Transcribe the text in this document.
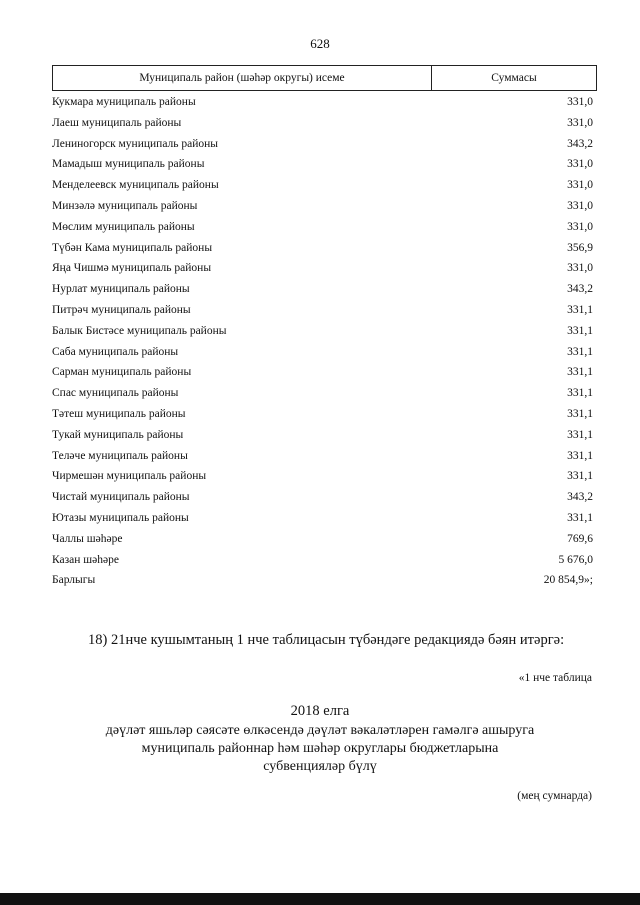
628
Муниципаль район (шәһәр округы) исеме	Суммасы
Кукмара муниципаль районы	331,0
Лаеш муниципаль районы	331,0
Лениногорск муниципаль районы	343,2
Мамадыш муниципаль районы	331,0
Менделеевск муниципаль районы	331,0
Минзәлә муниципаль районы	331,0
Мөслим муниципаль районы	331,0
Түбән Кама муниципаль районы	356,9
Яңа Чишмә муниципаль районы	331,0
Нурлат муниципаль районы	343,2
Питрәч муниципаль районы	331,1
Балык Бистәсе муниципаль районы	331,1
Саба муниципаль районы	331,1
Сарман муниципаль районы	331,1
Спас муниципаль районы	331,1
Тәтеш муниципаль районы	331,1
Тукай муниципаль районы	331,1
Теләче муниципаль районы	331,1
Чирмешән муниципаль районы	331,1
Чистай муниципаль районы	343,2
Ютазы муниципаль районы	331,1
Чаллы шәһәре	769,6
Казан шәһәре	5 676,0
Барлыгы	20 854,9»;
18) 21нче кушымтаның 1 нче таблицасын түбәндәге редакциядә бәян итәргә:
«1 нче таблица
2018 елга
дәүләт яшьләр сәясәте өлкәсендә дәүләт вәкаләтләрен гамәлгә ашыруга
муниципаль районнар һәм шәһәр округлары бюджетларына
субвенцияләр бүлү
(мең сумнарда)
